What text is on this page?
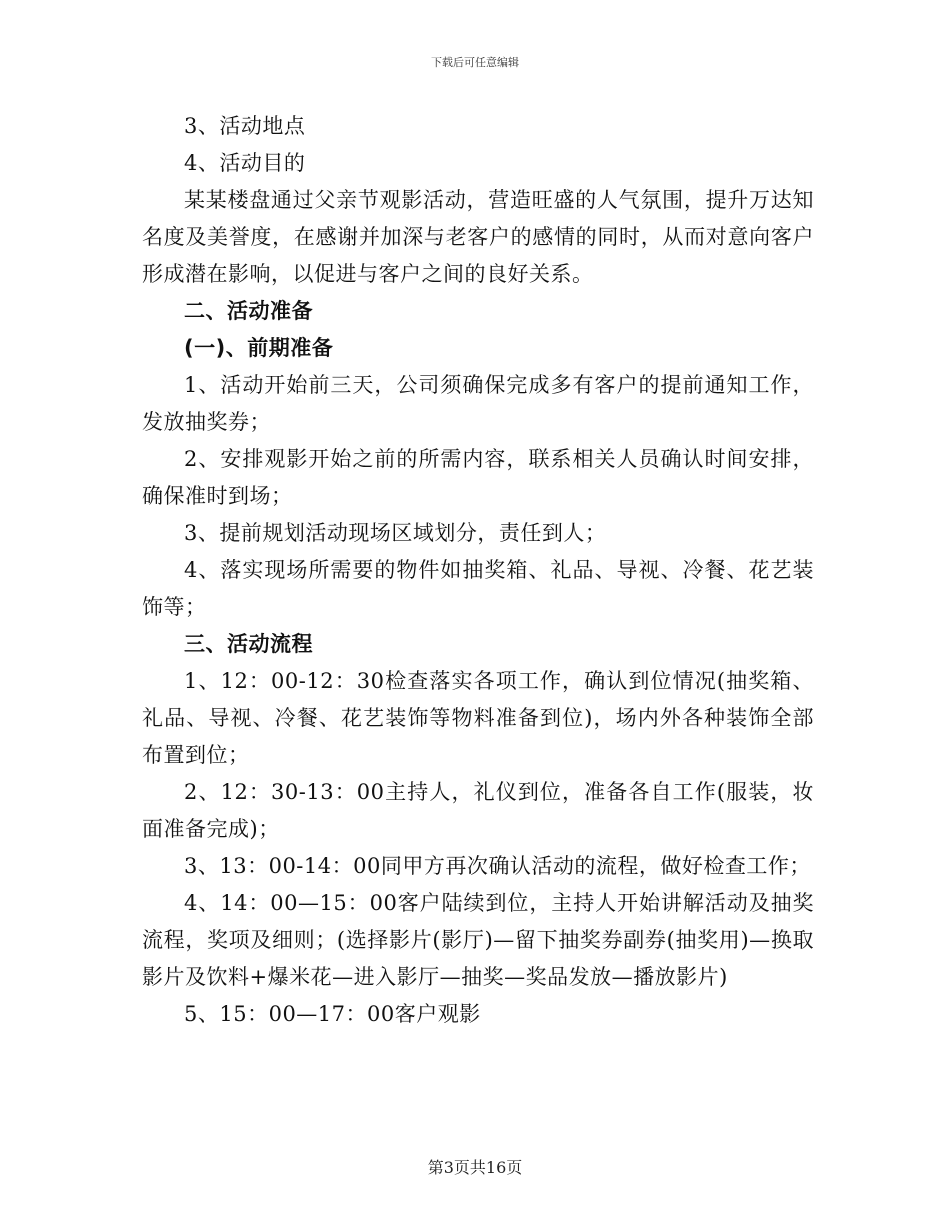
下载后可任意编辑

3、活动地点

4、活动目的

某某楼盘通过父亲节观影活动，营造旺盛的人气氛围，提升万达知名度及美誉度，在感谢并加深与老客户的感情的同时，从而对意向客户形成潜在影响，以促进与客户之间的良好关系。

二、活动准备

(一)、前期准备

1、活动开始前三天，公司须确保完成多有客户的提前通知工作，发放抽奖券；

2、安排观影开始之前的所需内容，联系相关人员确认时间安排，确保准时到场；

3、提前规划活动现场区域划分，责任到人；

4、落实现场所需要的物件如抽奖箱、礼品、导视、冷餐、花艺装饰等；

三、活动流程

1、12：00-12：30检查落实各项工作，确认到位情况(抽奖箱、礼品、导视、冷餐、花艺装饰等物料准备到位)，场内外各种装饰全部布置到位；

2、12：30-13：00主持人，礼仪到位，准备各自工作(服装，妆面准备完成)；

3、13：00-14：00同甲方再次确认活动的流程，做好检查工作；

4、14：00—15：00客户陆续到位，主持人开始讲解活动及抽奖流程，奖项及细则；(选择影片(影厅)—留下抽奖券副券(抽奖用)—换取影片及饮料+爆米花—进入影厅—抽奖—奖品发放—播放影片)

5、15：00—17：00客户观影

第3页共16页
